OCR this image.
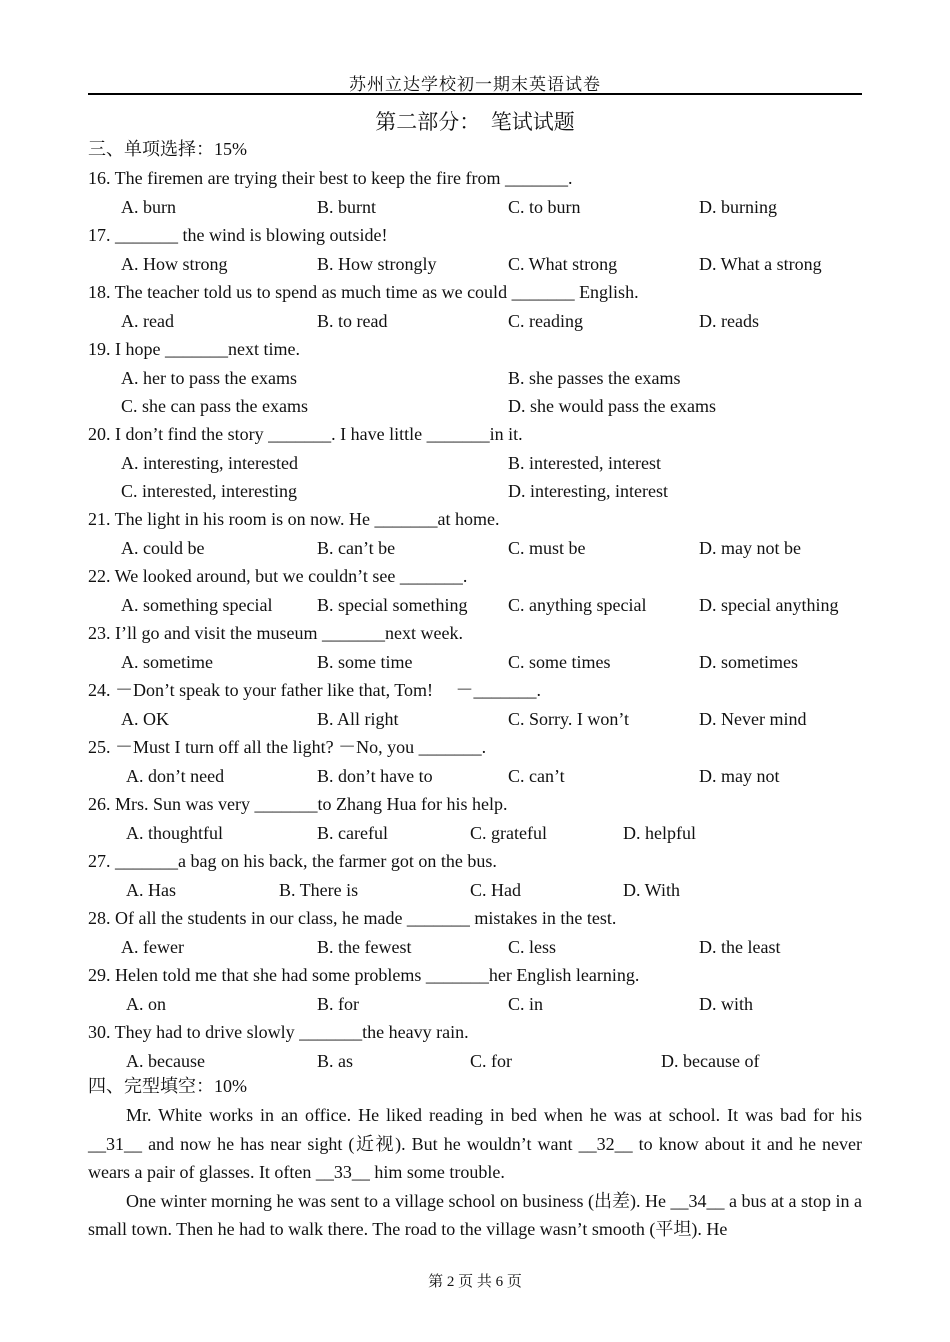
苏州立达学校初一期末英语试卷
第二部分：　笔试试题
三、单项选择：15%
16. The firemen are trying their best to keep the fire from _______.
A. burn	B. burnt	C. to burn	D. burning
17. _______ the wind is blowing outside!
A. How strong	B. How strongly	C. What strong	D. What a strong
18. The teacher told us to spend as much time as we could _______ English.
A. read	B. to read	C. reading	D. reads
19. I hope _______next time.
A. her to pass the exams	B. she passes the exams
C. she can pass the exams	D. she would pass the exams
20. I don’t find the story _______. I have little _______in it.
A. interesting, interested	B. interested, interest
C. interested, interesting	D. interesting, interest
21. The light in his room is on now. He _______at home.
A. could be	B. can’t be	C. must be	D. may not be
22. We looked around, but we couldn’t see _______.
A. something special B. special something C. anything special	D. special anything
23. I’ll go and visit the museum _______next week.
A. sometime	B. some time	C. some times	D. sometimes
24. －Don’t speak to your father like that, Tom!　 －_______.
A. OK	B. All right	C. Sorry. I won’t	D. Never mind
25. －Must I turn off all the light? －No, you _______.
A. don’t need	B. don’t have to	C. can’t	D. may not
26. Mrs. Sun was very _______to Zhang Hua for his help.
A. thoughtful	B. careful	C. grateful	D. helpful
27. _______a bag on his back, the farmer got on the bus.
A. Has	B. There is	C. Had	D. With
28. Of all the students in our class, he made _______ mistakes in the test.
A. fewer	B. the fewest	C. less	D. the least
29. Helen told me that she had some problems _______her English learning.
A. on	B. for	C. in	D. with
30. They had to drive slowly _______the heavy rain.
A. because	B. as	C. for	D. because of
四、完型填空：10%
Mr. White works in an office. He liked reading in bed when he was at school. It was bad for his __31__ and now he has near sight (近视). But he wouldn’t want __32__ to know about it and he never wears a pair of glasses. It often __33__ him some trouble.
One winter morning he was sent to a village school on business (出差). He __34__ a bus at a stop in a small town. Then he had to walk there. The road to the village wasn’t smooth (平坦). He
第 2 页 共 6 页
